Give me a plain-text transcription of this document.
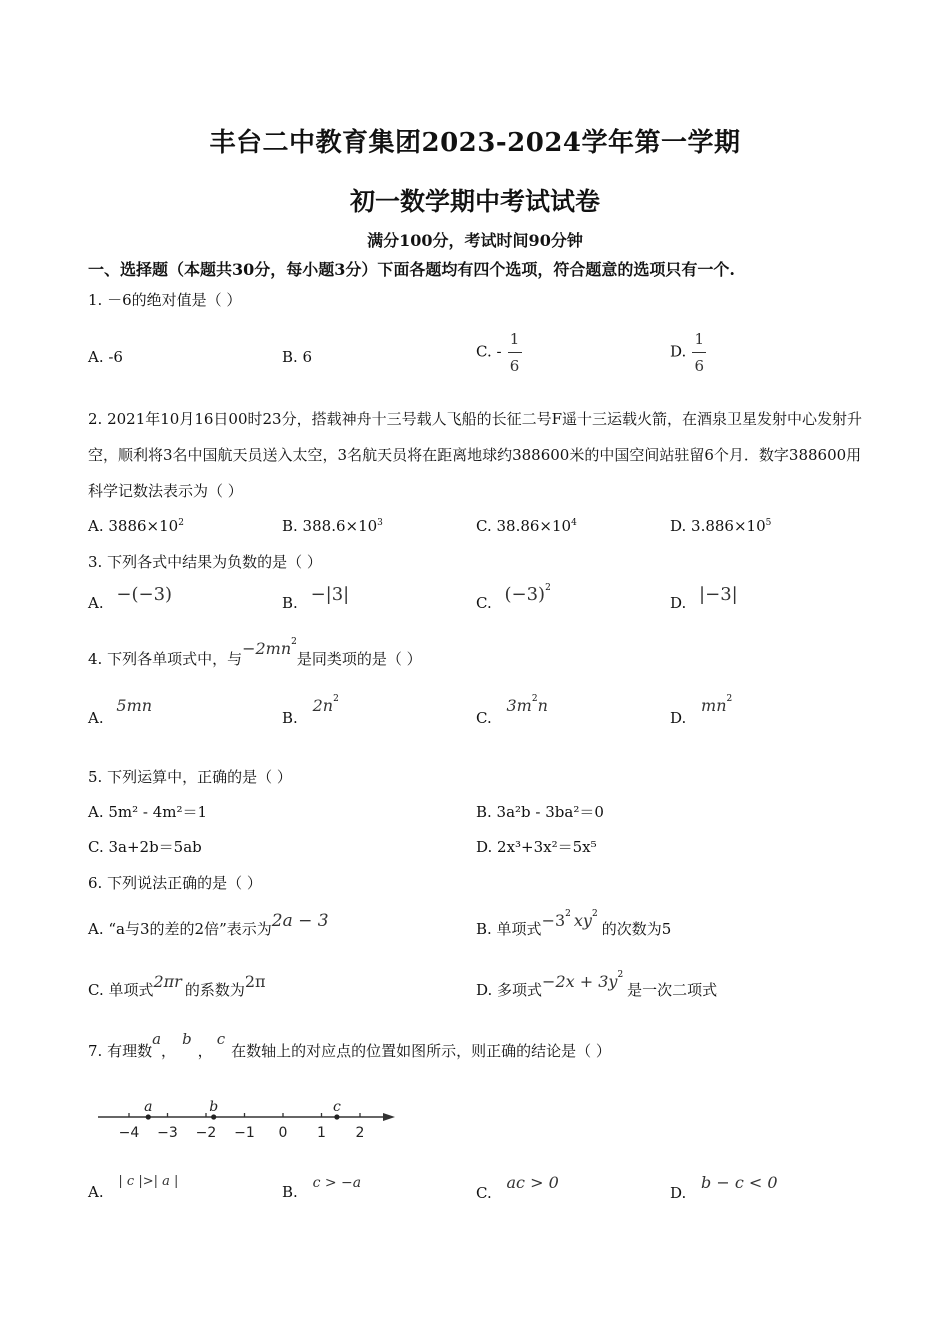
丰台二中教育集团2023-2024学年第一学期
初一数学期中考试试卷
满分100分，考试时间90分钟
一、选择题（本题共30分，每小题3分）下面各题均有四个选项，符合题意的选项只有一个.
1. －6的绝对值是（ ）
A. -6	B. 6	C. - $\frac{1}{6}$	D. $\frac{1}{6}$
2. 2021年10月16日00时23分，搭载神舟十三号载人飞船的长征二号F遥十三运载火箭，在酒泉卫星发射中心发射升空，顺利将3名中国航天员送入太空，3名航天员将在距离地球约388600米的中国空间站驻留6个月．数字388600用科学记数法表示为（ ）
A. $3886\times 10^2$	B. $388.6\times 10^3$	C. $38.86\times 10^4$	D. $3.886\times 10^5$
3. 下列各式中结果为负数的是（ ）
A. −(−3)	B. −|3|	C. $(-3)^2$
D. |−3|
4. 下列各单项式中，与$-2mn^2$是同类项的是（ ）
A. 5mn
B. $2n^2$
C. $3m^2n$
D. $mn^2$
5. 下列运算中，正确的是（ ）
A. 5m² - 4m²＝1	B. 3a²b - 3ba²＝0
C. 3a+2b＝5ab	D. 2x³+3x²＝5x⁵
6. 下列说法正确的是（ ）
A. “a与3的差的2倍”表示为2a − 3	B. 单项式$-3^2$ $xy^2$的次数为5
C. 单项式2πr 的系数为2π	D. 多项式$-2x + 3y^2$是一次二项式
7. 有理数a，b，c在数轴上的对应点的位置如图所示，则正确的结论是（ ）
−4 −3 −2 −1 0 1 2
a	b	c
A. | c |>| a |
B. c > −a
C. ac > 0
D. b − c < 0
